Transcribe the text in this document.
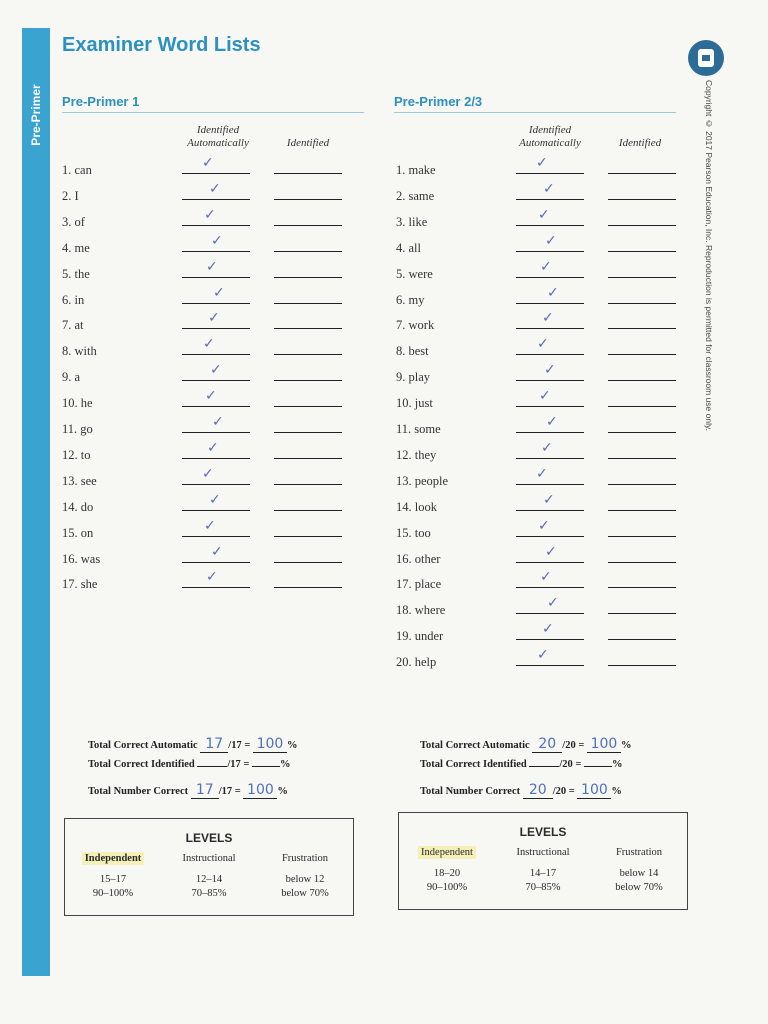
Pre-Primer
Examiner Word Lists
Copyright © 2017 Pearson Education, Inc. Reproduction is permitted for classroom use only.
Pre-Primer 1
Identified Automatically	Identified
1. can	✓
2. I	✓
3. of	✓
4. me	✓
5. the	✓
6. in	✓
7. at	✓
8. with	✓
9. a	✓
10. he	✓
11. go	✓
12. to	✓
13. see	✓
14. do	✓
15. on	✓
16. was	✓
17. she	✓
Pre-Primer 2/3
Identified Automatically	Identified
1. make	✓
2. same	✓
3. like	✓
4. all	✓
5. were	✓
6. my	✓
7. work	✓
8. best	✓
9. play	✓
10. just	✓
11. some	✓
12. they	✓
13. people	✓
14. look	✓
15. too	✓
16. other	✓
17. place	✓
18. where	✓
19. under	✓
20. help	✓
Total Correct Automatic 17 /17 = 100 %
Total Correct Identified	/17 =	%
Total Number Correct 17 /17 = 100 %
Total Correct Automatic 20 /20 = 100 %
Total Correct Identified	/20 =	%
Total Number Correct 20 /20 = 100 %
LEVELS
Independent	Instructional	Frustration
15–17	12–14	below 12
90–100%	70–85%	below 70%
LEVELS
Independent	Instructional	Frustration
18–20	14–17	below 14
90–100%	70–85%	below 70%
